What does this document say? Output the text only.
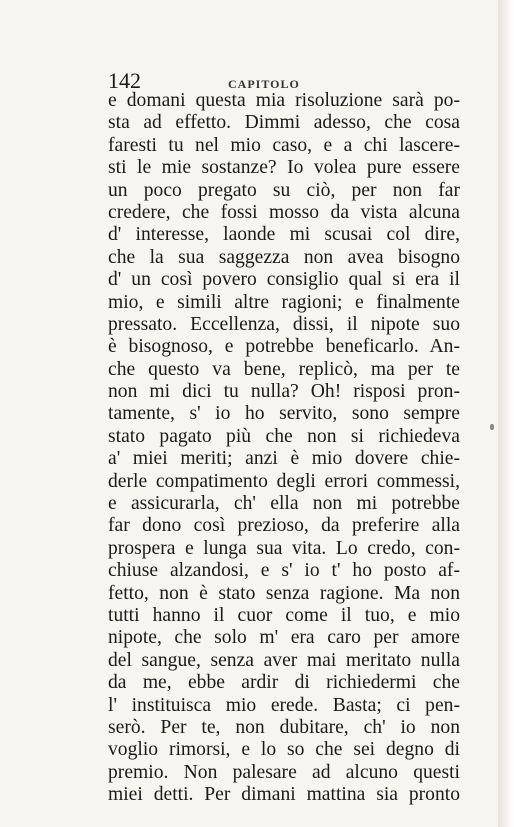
142	CAPITOLO
e domani questa mia risoluzione sarà po-
sta ad effetto. Dimmi adesso, che cosa
faresti tu nel mio caso, e a chi lascere-
sti le mie sostanze? Io volea pure essere
un poco pregato su ciò, per non far
credere, che fossi mosso da vista alcuna
d' interesse, laonde mi scusai col dire,
che la sua saggezza non avea bisogno
d' un così povero consiglio qual si era il
mio, e simili altre ragioni; e finalmente
pressato. Eccellenza, dissi, il nipote suo
è bisognoso, e potrebbe beneficarlo. An-
che questo va bene, replicò, ma per te
non mi dici tu nulla? Oh! risposi pron-
tamente, s' io ho servito, sono sempre
stato pagato più che non si richiedeva
a' miei meriti; anzi è mio dovere chie-
derle compatimento degli errori commessi,
e assicurarla, ch' ella non mi potrebbe
far dono così prezioso, da preferire alla
prospera e lunga sua vita. Lo credo, con-
chiuse alzandosi, e s' io t' ho posto af-
fetto, non è stato senza ragione. Ma non
tutti hanno il cuor come il tuo, e mio
nipote, che solo m' era caro per amore
del sangue, senza aver mai meritato nulla
da me, ebbe ardir di richiedermi che
l' instituisca mio erede. Basta; ci pen-
serò. Per te, non dubitare, ch' io non
voglio rimorsi, e lo so che sei degno di
premio. Non palesare ad alcuno questi
miei detti. Per dimani mattina sia pronto
